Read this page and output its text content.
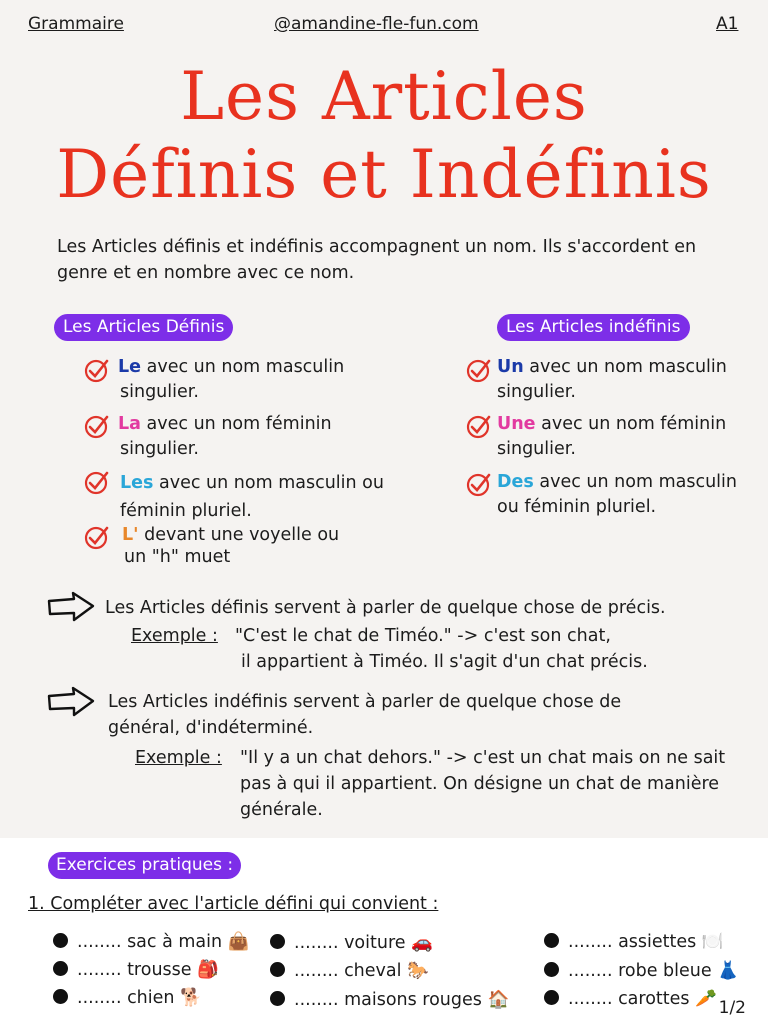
Grammaire	@amandine-fle-fun.com	A1
Les Articles
Définis et Indéfinis
Les Articles définis et indéfinis accompagnent un nom. Ils s'accordent en genre et en nombre avec ce nom.
Les Articles Définis	Les Articles indéfinis
Le avec un nom masculin
singulier.
La avec un nom féminin
singulier.
Les avec un nom masculin ou
féminin pluriel.
L' devant une voyelle ou
un "h" muet
Un avec un nom masculin
singulier.
Une avec un nom féminin
singulier.
Des avec un nom masculin
ou féminin pluriel.
Les Articles définis servent à parler de quelque chose de précis.
Exemple : "C'est le chat de Timéo." -> c'est son chat,
il appartient à Timéo. Il s'agit d'un chat précis.
Les Articles indéfinis servent à parler de quelque chose de
général, d'indéterminé.
Exemple : "Il y a un chat dehors." -> c'est un chat mais on ne sait
pas à qui il appartient. On désigne un chat de manière
générale.
Exercices pratiques :
1. Compléter avec l'article défini qui convient :
........ sac à main 👜
........ trousse 🎒
........ chien 🐕
........ voiture 🚗
........ cheval 🐎
........ maisons rouges 🏠
........ assiettes 🍽️
........ robe bleue 👗
........ carottes 🥕 1/2
